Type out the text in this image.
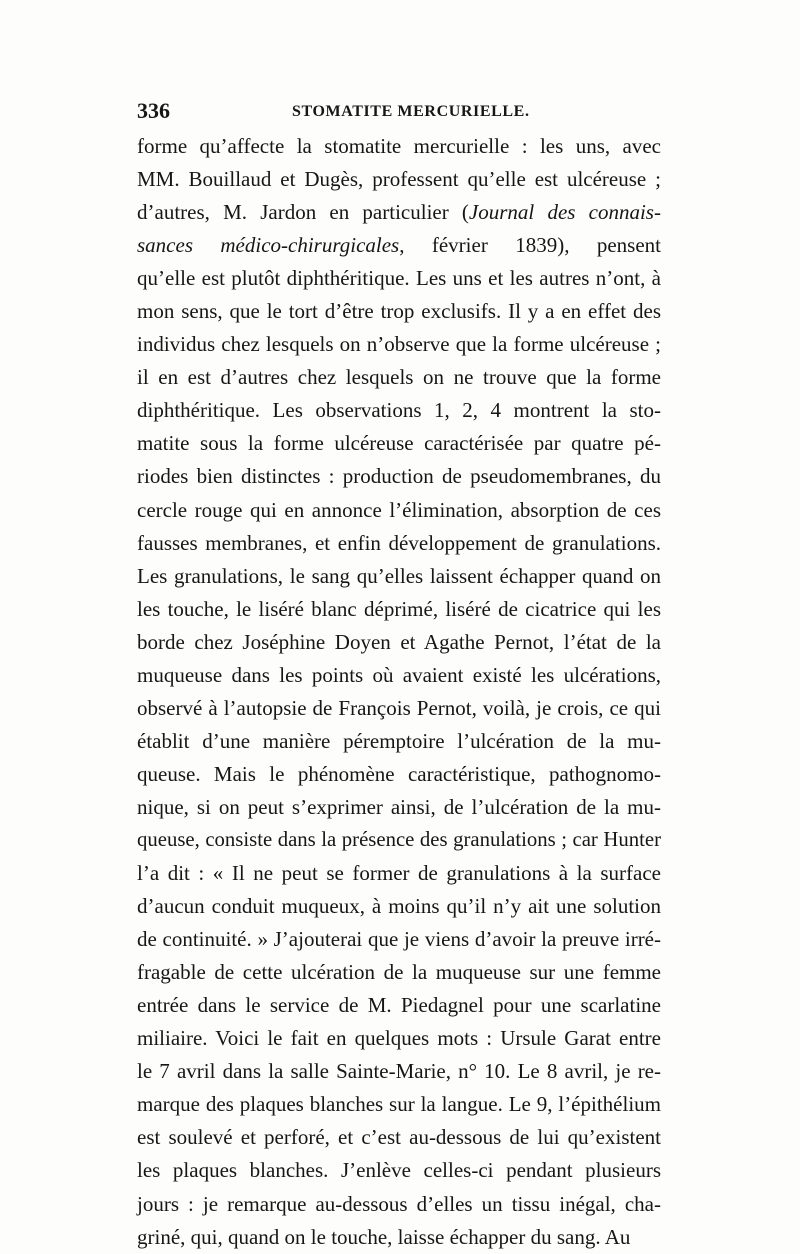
336	STOMATITE MERCURIELLE.
forme qu’affecte la stomatite mercurielle : les uns, avec
MM. Bouillaud et Dugès, professent qu’elle est ulcéreuse ;
d’autres, M. Jardon en particulier (Journal des connais-
sances médico-chirurgicales, février 1839), pensent
qu’elle est plutôt diphthéritique. Les uns et les autres n’ont, à
mon sens, que le tort d’être trop exclusifs. Il y a en effet des
individus chez lesquels on n’observe que la forme ulcéreuse ;
il en est d’autres chez lesquels on ne trouve que la forme
diphthéritique. Les observations 1, 2, 4 montrent la sto-
matite sous la forme ulcéreuse caractérisée par quatre pé-
riodes bien distinctes : production de pseudomembranes, du
cercle rouge qui en annonce l’élimination, absorption de ces
fausses membranes, et enfin développement de granulations.
Les granulations, le sang qu’elles laissent échapper quand on
les touche, le liséré blanc déprimé, liséré de cicatrice qui les
borde chez Joséphine Doyen et Agathe Pernot, l’état de la
muqueuse dans les points où avaient existé les ulcérations,
observé à l’autopsie de François Pernot, voilà, je crois, ce qui
établit d’une manière péremptoire l’ulcération de la mu-
queuse. Mais le phénomène caractéristique, pathognomo-
nique, si on peut s’exprimer ainsi, de l’ulcération de la mu-
queuse, consiste dans la présence des granulations ; car Hunter
l’a dit : « Il ne peut se former de granulations à la surface
d’aucun conduit muqueux, à moins qu’il n’y ait une solution
de continuité. » J’ajouterai que je viens d’avoir la preuve irré-
fragable de cette ulcération de la muqueuse sur une femme
entrée dans le service de M. Piedagnel pour une scarlatine
miliaire. Voici le fait en quelques mots : Ursule Garat entre
le 7 avril dans la salle Sainte-Marie, n° 10. Le 8 avril, je re-
marque des plaques blanches sur la langue. Le 9, l’épithélium
est soulevé et perforé, et c’est au-dessous de lui qu’existent
les plaques blanches. J’enlève celles-ci pendant plusieurs
jours : je remarque au-dessous d’elles un tissu inégal, cha-
griné, qui, quand on le touche, laisse échapper du sang. Au
